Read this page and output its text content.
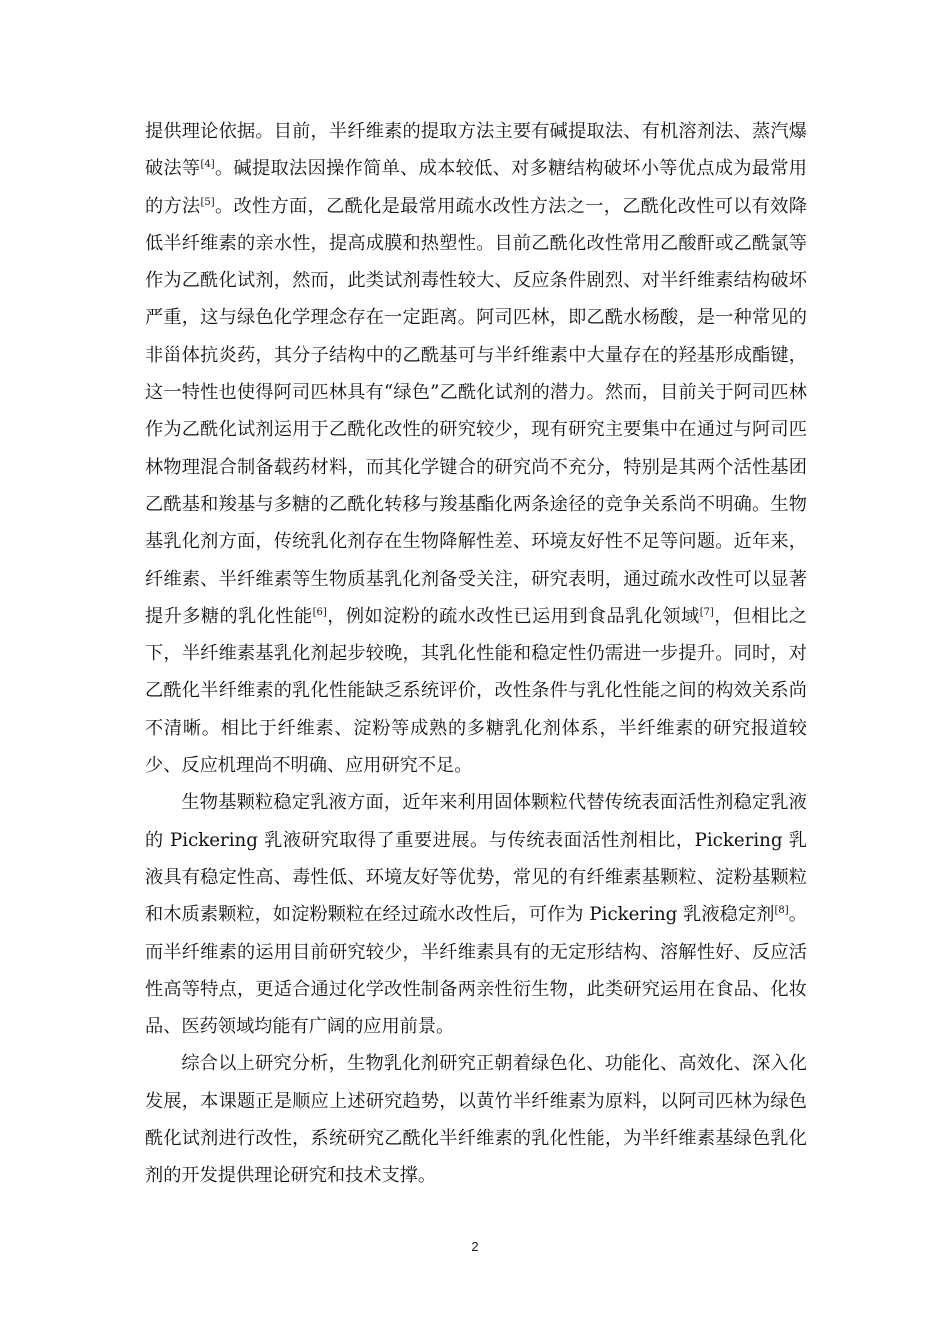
提供理论依据。目前，半纤维素的提取方法主要有碱提取法、有机溶剂法、蒸汽爆破法等[4]。碱提取法因操作简单、成本较低、对多糖结构破坏小等优点成为最常用的方法[5]。改性方面，乙酰化是最常用疏水改性方法之一，乙酰化改性可以有效降低半纤维素的亲水性，提高成膜和热塑性。目前乙酰化改性常用乙酸酐或乙酰氯等作为乙酰化试剂，然而，此类试剂毒性较大、反应条件剧烈、对半纤维素结构破坏严重，这与绿色化学理念存在一定距离。阿司匹林，即乙酰水杨酸，是一种常见的非甾体抗炎药，其分子结构中的乙酰基可与半纤维素中大量存在的羟基形成酯键，这一特性也使得阿司匹林具有“绿色”乙酰化试剂的潜力。然而，目前关于阿司匹林作为乙酰化试剂运用于乙酰化改性的研究较少，现有研究主要集中在通过与阿司匹林物理混合制备载药材料，而其化学键合的研究尚不充分，特别是其两个活性基团乙酰基和羧基与多糖的乙酰化转移与羧基酯化两条途径的竞争关系尚不明确。生物基乳化剂方面，传统乳化剂存在生物降解性差、环境友好性不足等问题。近年来，纤维素、半纤维素等生物质基乳化剂备受关注，研究表明，通过疏水改性可以显著提升多糖的乳化性能[6]，例如淀粉的疏水改性已运用到食品乳化领域[7]，但相比之下，半纤维素基乳化剂起步较晚，其乳化性能和稳定性仍需进一步提升。同时，对乙酰化半纤维素的乳化性能缺乏系统评价，改性条件与乳化性能之间的构效关系尚不清晰。相比于纤维素、淀粉等成熟的多糖乳化剂体系，半纤维素的研究报道较少、反应机理尚不明确、应用研究不足。

生物基颗粒稳定乳液方面，近年来利用固体颗粒代替传统表面活性剂稳定乳液的 Pickering 乳液研究取得了重要进展。与传统表面活性剂相比，Pickering 乳液具有稳定性高、毒性低、环境友好等优势，常见的有纤维素基颗粒、淀粉基颗粒和木质素颗粒，如淀粉颗粒在经过疏水改性后，可作为 Pickering 乳液稳定剂[8]。而半纤维素的运用目前研究较少，半纤维素具有的无定形结构、溶解性好、反应活性高等特点，更适合通过化学改性制备两亲性衍生物，此类研究运用在食品、化妆品、医药领域均能有广阔的应用前景。

综合以上研究分析，生物乳化剂研究正朝着绿色化、功能化、高效化、深入化发展，本课题正是顺应上述研究趋势，以黄竹半纤维素为原料，以阿司匹林为绿色酰化试剂进行改性，系统研究乙酰化半纤维素的乳化性能，为半纤维素基绿色乳化剂的开发提供理论研究和技术支撑。

2
